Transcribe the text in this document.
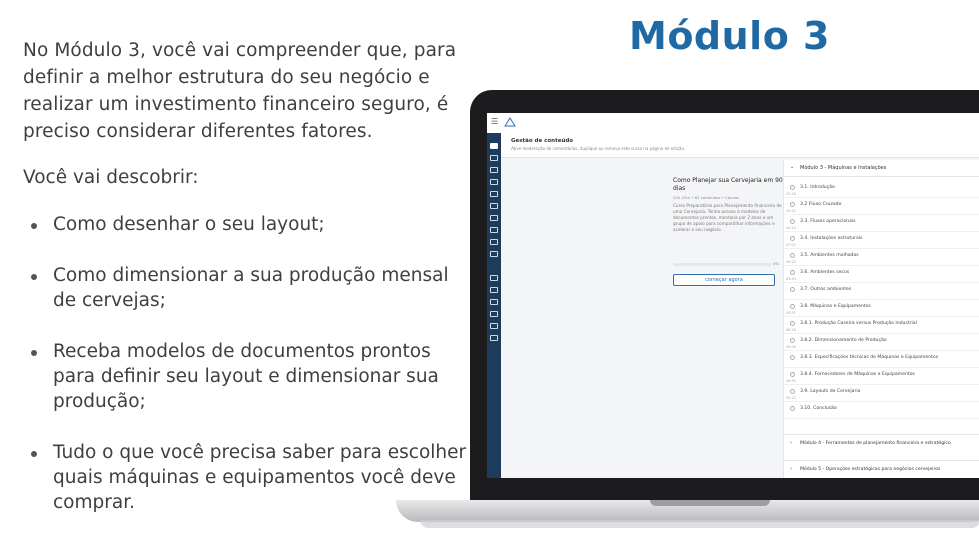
Módulo 3

No Módulo 3, você vai compreender que, para definir a melhor estrutura do seu negócio e realizar um investimento financeiro seguro, é preciso considerar diferentes fatores.

Você vai descobrir:

Como desenhar o seu layout;
Como dimensionar a sua produção mensal de cervejas;
Receba modelos de documentos prontos para definir seu layout e dimensionar sua produção;
Tudo o que você precisa saber para escolher quais máquinas e equipamentos você deve comprar.
☰
Gestão de conteúdo
Ative moderação de comentários, duplique ou remova este curso na página de edição.

Como Planejar sua Cervejaria em 90 dias

22h 47m • 62 conteúdos • Canvas

Curso Preparatório para Planejamento financeiro de uma Cervejaria. Tenha acesso à modelos de documentos prontos, mentoria por 2 anos e um grupo de apoio para compartilhar informações e acelerar o seu negócio.

0%
começar agora
⌄ Módulo 3 - Máquinas e Instalações
3.1. Introdução
03:16
3.2 Fluxo Cruzado
05:22
3.3. Fluxos operacionais
04:10
3.4. Instalações estruturais
07:02
3.5. Ambientes molhados
06:20
3.6. Ambientes secos
03:43
3.7. Outros ambientes
3.8. Máquinas e Equipamentos
05:31
3.8.1. Produção Caseira versus Produção Industrial
08:18
3.8.2. Dimensionamento de Produção
09:08
3.8.3. Especificações técnicas de Máquinas e Equipamentos
3.8.4. Fornecedores de Máquinas e Equipamentos
06:54
3.9. Layouts de Cervejaria
05:10
3.10. Conclusão
› Módulo 4 - Ferramentas de planejamento financeiro e estratégico
› Módulo 5 - Operações estratégicas para negócios cervejeiros
